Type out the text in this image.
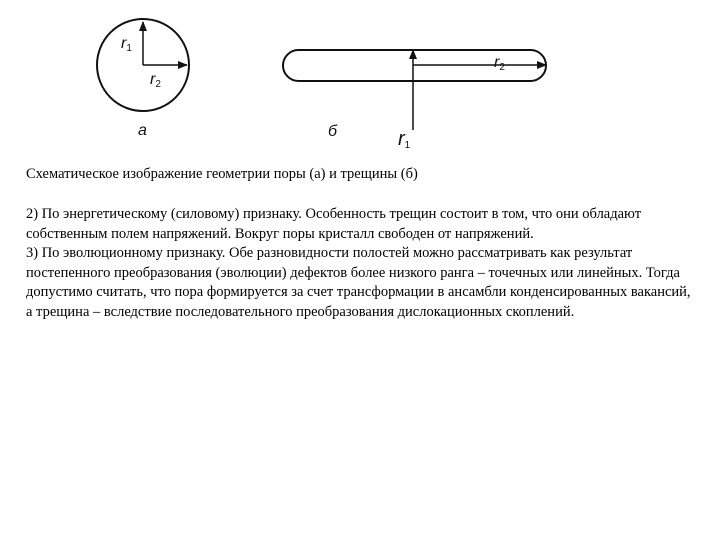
$r_1$
$r_2$
а
$r_2$
б	$r_1$
Схематическое изображение геометрии поры (а) и трещины (б)

2) По энергетическому (силовому) признаку. Особенность трещин состоит в том, что они обладают собственным полем напряжений. Вокруг поры кристалл свободен от напряжений.

3) По эволюционному признаку. Обе разновидности полостей можно рассматривать как результат постепенного преобразования (эволюции) дефектов более низкого ранга – точечных или линейных. Тогда допустимо считать, что пора формируется за счет трансформации в ансамбли конденсированных вакансий, а трещина – вследствие последовательного преобразования дислокационных скоплений.
